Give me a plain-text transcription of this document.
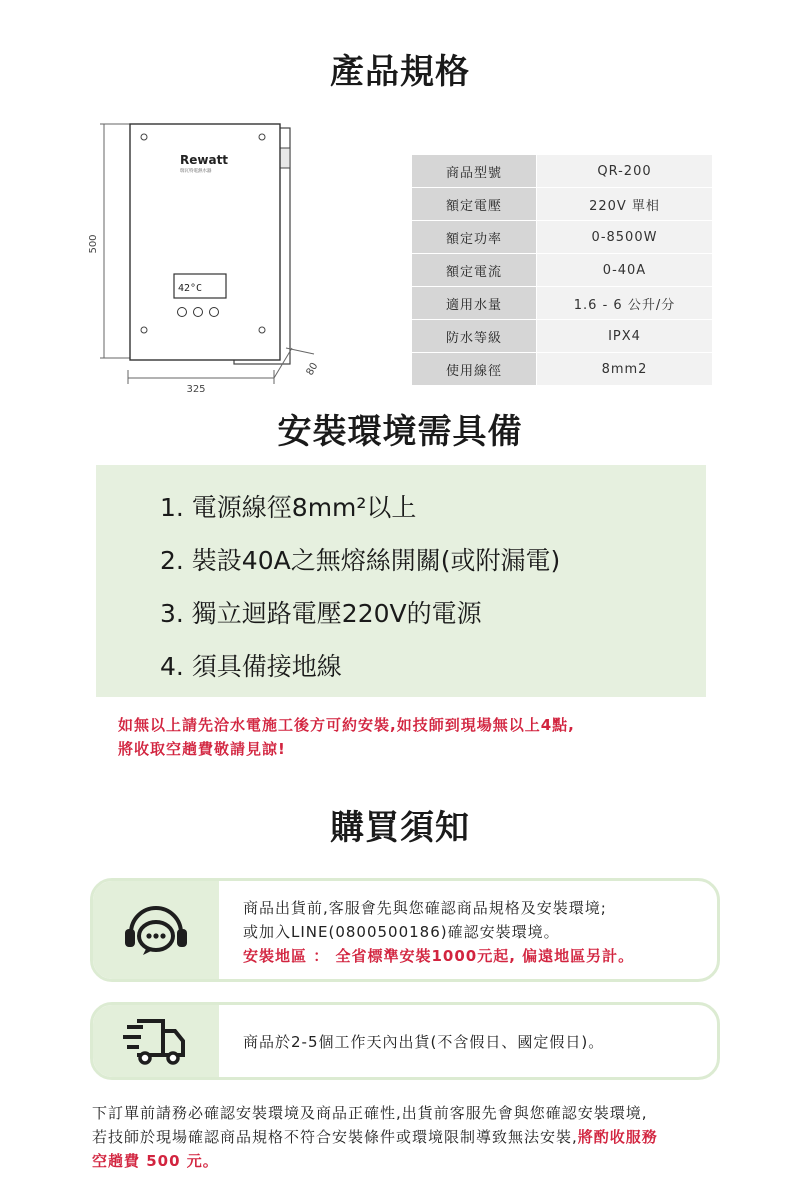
產品規格
500
Rewatt
瑞瓦特電熱水器
42°C
325
80
商品型號	QR-200
額定電壓	220V 單相
額定功率	0-8500W
額定電流	0-40A
適用水量	1.6 - 6 公升/分
防水等級	IPX4
使用線徑	8mm2
安裝環境需具備
1. 電源線徑8mm²以上
2. 裝設40A之無熔絲開關(或附漏電)
3. 獨立迴路電壓220V的電源
4. 須具備接地線
如無以上請先洽水電施工後方可約安裝,如技師到現場無以上4點,
將收取空趟費敬請見諒!
購買須知
商品出貨前,客服會先與您確認商品規格及安裝環境;
或加入LINE(0800500186)確認安裝環境。
安裝地區 ： 全省標準安裝1000元起, 偏遠地區另計。
商品於2-5個工作天內出貨(不含假日、國定假日)。
下訂單前請務必確認安裝環境及商品正確性,出貨前客服先會與您確認安裝環境,
若技師於現場確認商品規格不符合安裝條件或環境限制導致無法安裝,將酌收服務
空趟費 500 元。
